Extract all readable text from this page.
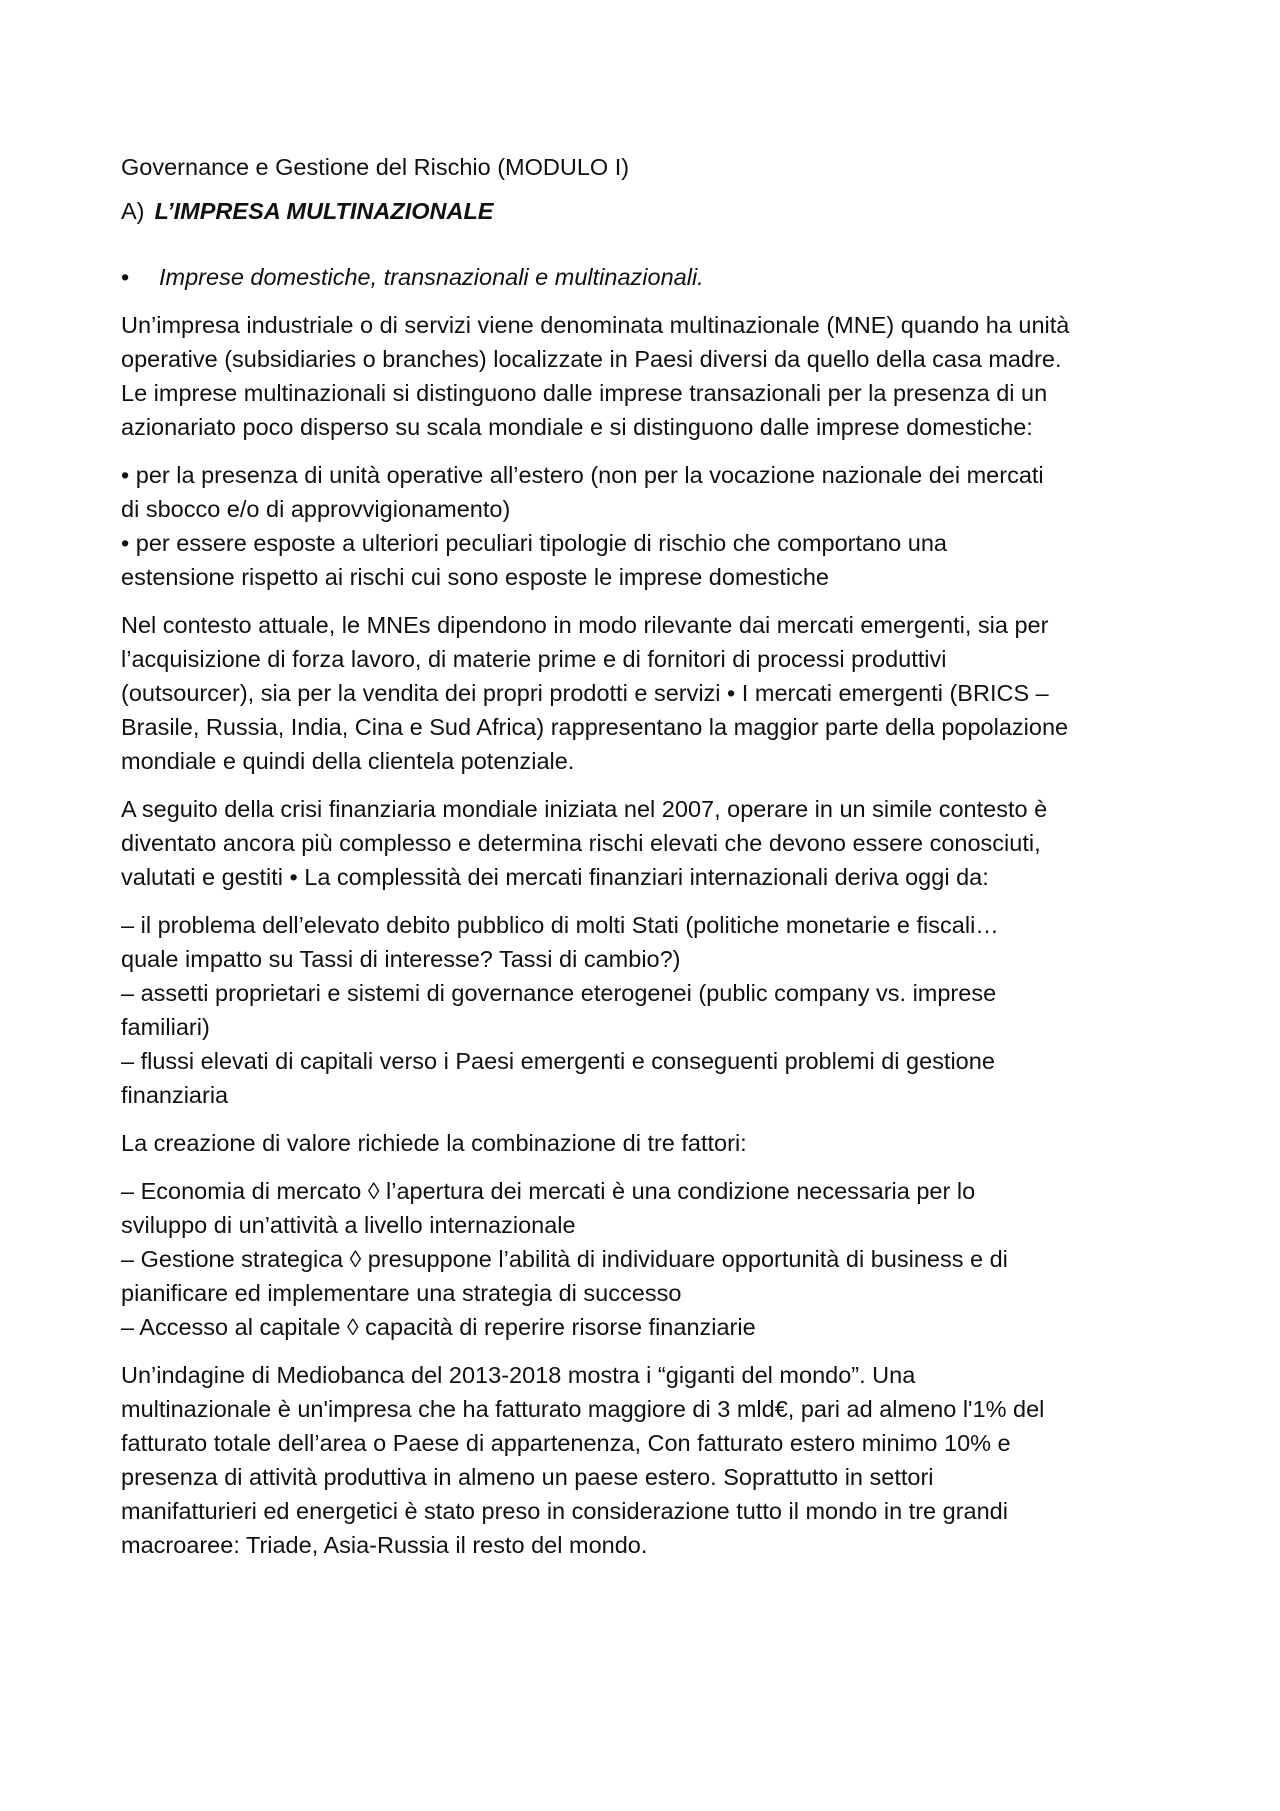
Governance e Gestione del Rischio (MODULO I)
A) L’IMPRESA MULTINAZIONALE
•	Imprese domestiche, transnazionali e multinazionali.
Un’impresa industriale o di servizi viene denominata multinazionale (MNE) quando ha unità
operative (subsidiaries o branches) localizzate in Paesi diversi da quello della casa madre.
Le imprese multinazionali si distinguono dalle imprese transazionali per la presenza di un
azionariato poco disperso su scala mondiale e si distinguono dalle imprese domestiche:
• per la presenza di unità operative all’estero (non per la vocazione nazionale dei mercati
di sbocco e/o di approvvigionamento)
• per essere esposte a ulteriori peculiari tipologie di rischio che comportano una
estensione rispetto ai rischi cui sono esposte le imprese domestiche
Nel contesto attuale, le MNEs dipendono in modo rilevante dai mercati emergenti, sia per
l’acquisizione di forza lavoro, di materie prime e di fornitori di processi produttivi
(outsourcer), sia per la vendita dei propri prodotti e servizi • I mercati emergenti (BRICS –
Brasile, Russia, India, Cina e Sud Africa) rappresentano la maggior parte della popolazione
mondiale e quindi della clientela potenziale.
A seguito della crisi finanziaria mondiale iniziata nel 2007, operare in un simile contesto è
diventato ancora più complesso e determina rischi elevati che devono essere conosciuti,
valutati e gestiti • La complessità dei mercati finanziari internazionali deriva oggi da:
– il problema dell’elevato debito pubblico di molti Stati (politiche monetarie e fiscali…
quale impatto su Tassi di interesse? Tassi di cambio?)
– assetti proprietari e sistemi di governance eterogenei (public company vs. imprese
familiari)
– flussi elevati di capitali verso i Paesi emergenti e conseguenti problemi di gestione
finanziaria
La creazione di valore richiede la combinazione di tre fattori:
– Economia di mercato ◊ l’apertura dei mercati è una condizione necessaria per lo
sviluppo di un’attività a livello internazionale
– Gestione strategica ◊ presuppone l’abilità di individuare opportunità di business e di
pianificare ed implementare una strategia di successo
– Accesso al capitale ◊ capacità di reperire risorse finanziarie
Un’indagine di Mediobanca del 2013-2018 mostra i “giganti del mondo”. Una
multinazionale è un'impresa che ha fatturato maggiore di 3 mld€, pari ad almeno l'1% del
fatturato totale dell’area o Paese di appartenenza, Con fatturato estero minimo 10% e
presenza di attività produttiva in almeno un paese estero. Soprattutto in settori
manifatturieri ed energetici è stato preso in considerazione tutto il mondo in tre grandi
macroaree: Triade, Asia-Russia il resto del mondo.
